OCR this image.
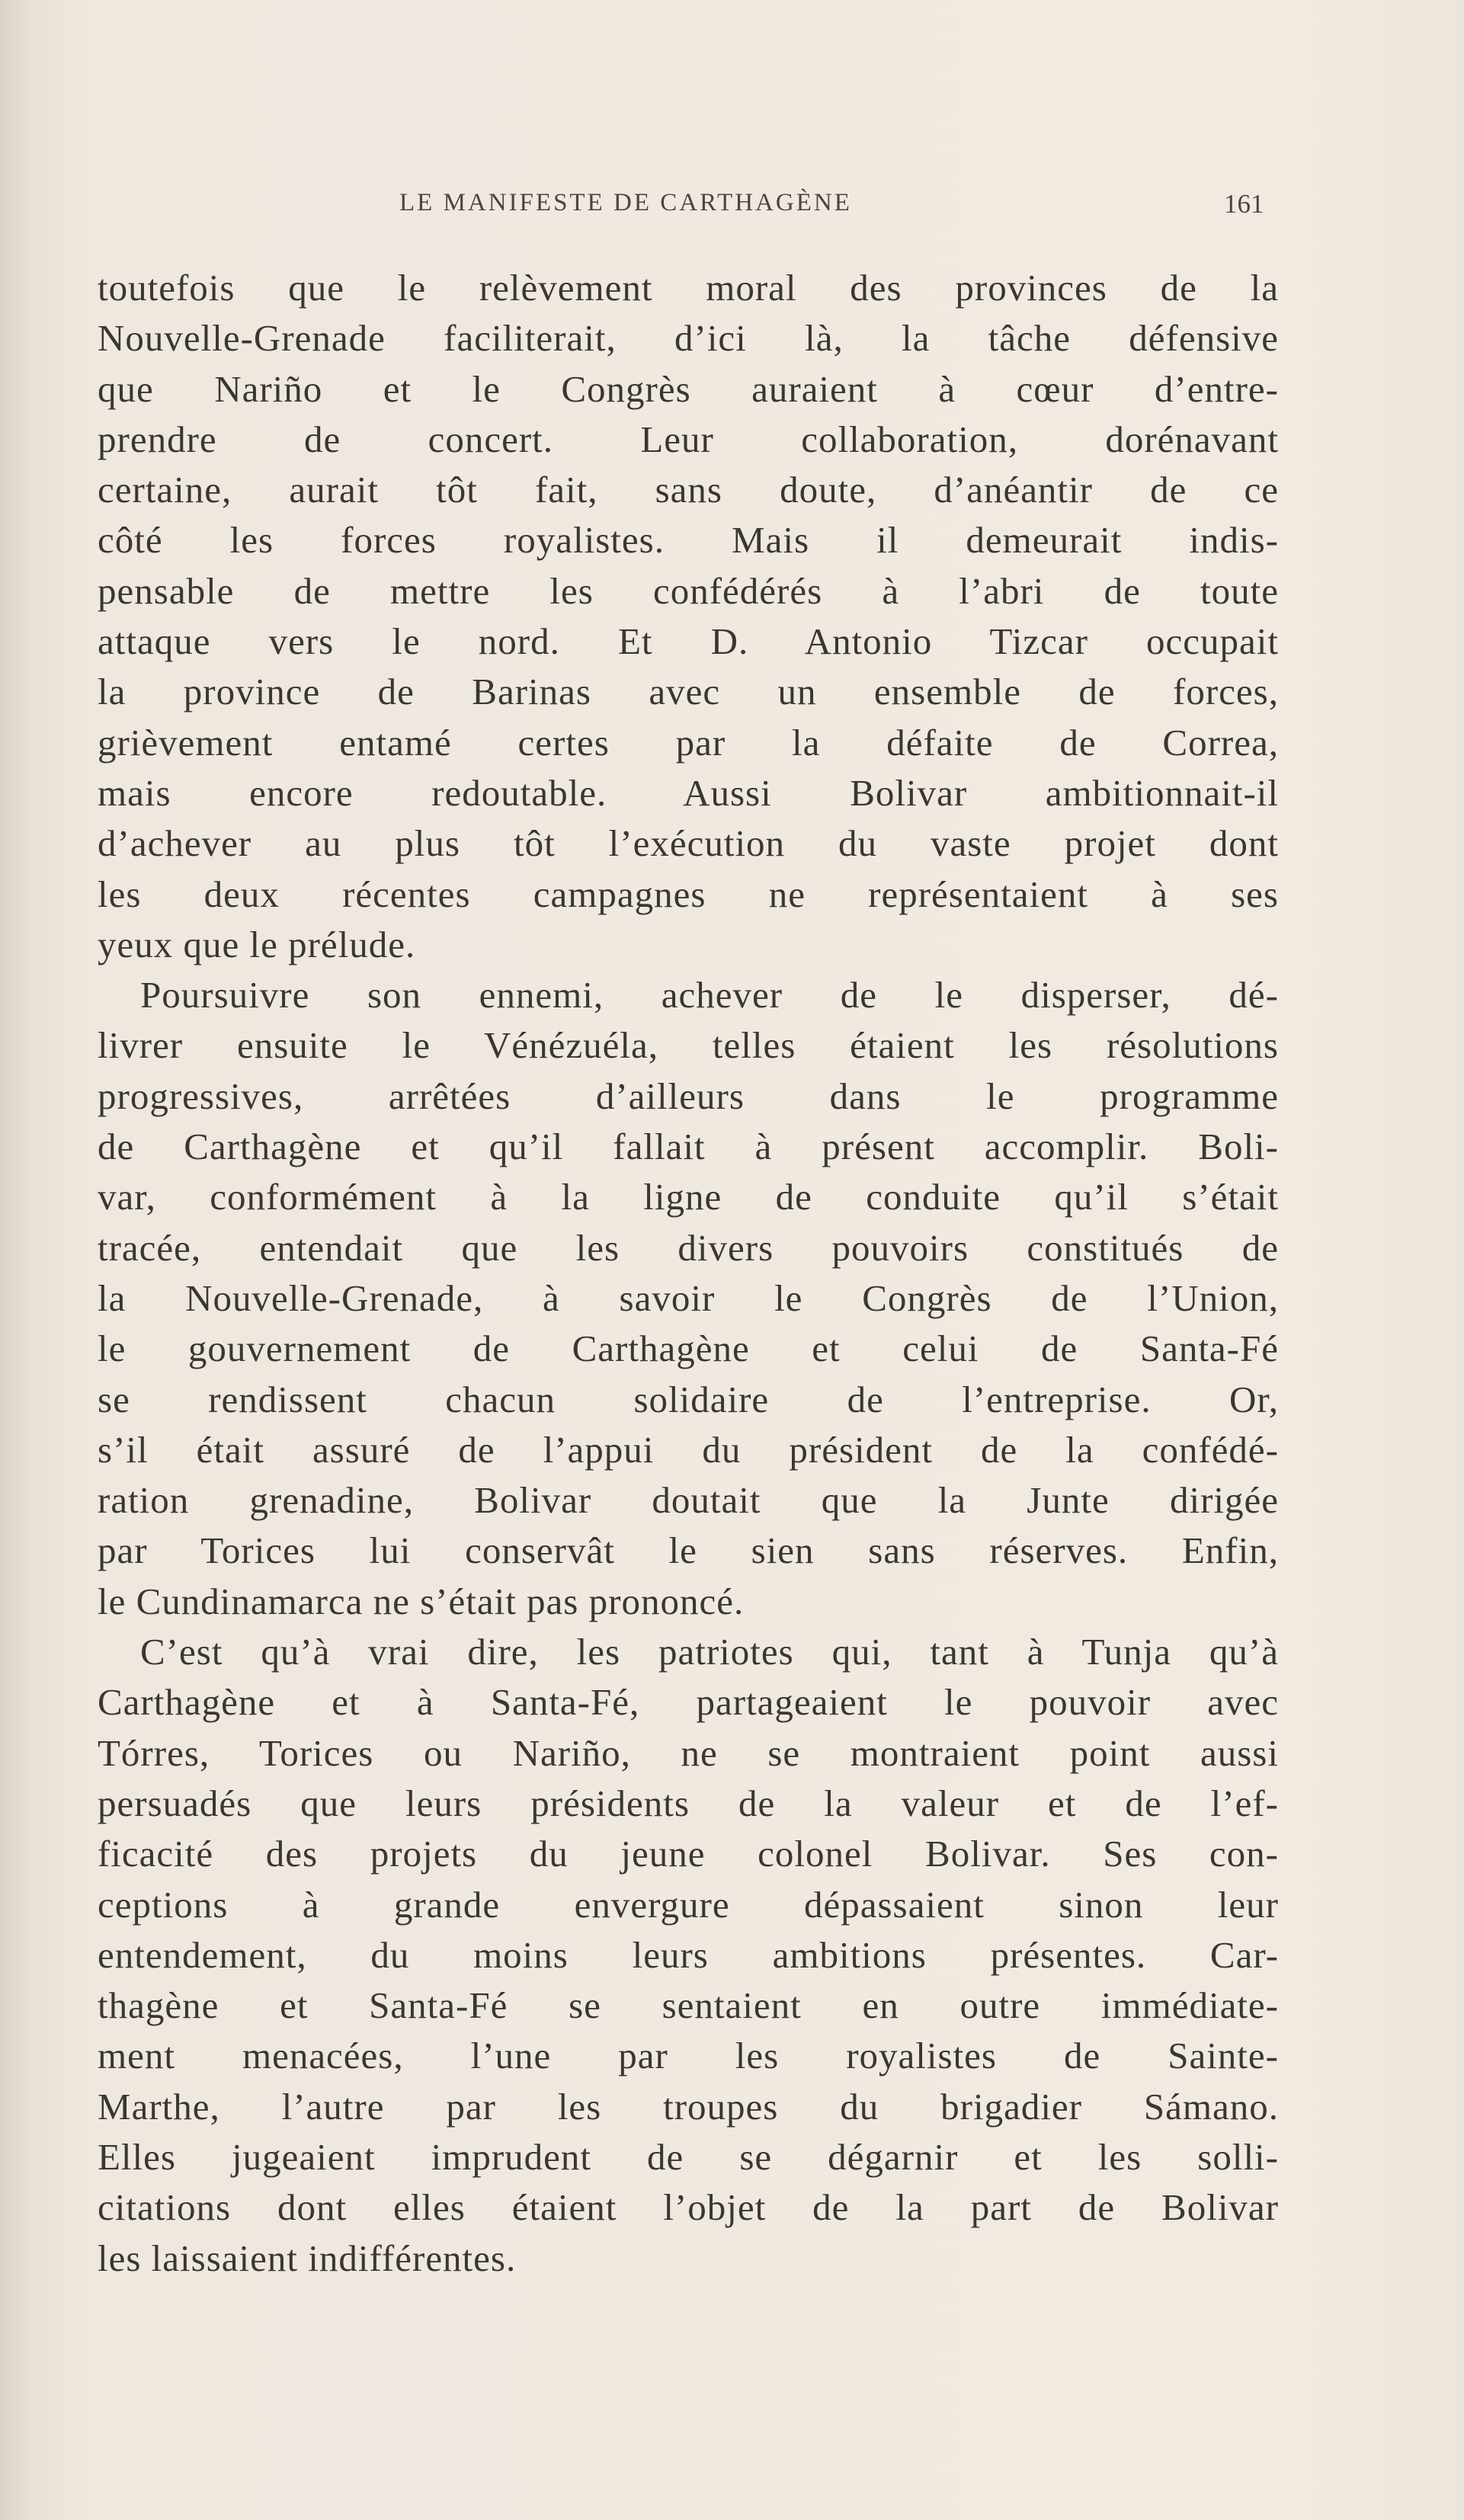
LE MANIFESTE DE CARTHAGÈNE	161
toutefois que le relèvement moral des provinces de la
Nouvelle-Grenade faciliterait, d’ici là, la tâche défensive
que Nariño et le Congrès auraient à cœur d’entre-
prendre de concert. Leur collaboration, dorénavant
certaine, aurait tôt fait, sans doute, d’anéantir de ce
côté les forces royalistes. Mais il demeurait indis-
pensable de mettre les confédérés à l’abri de toute
attaque vers le nord. Et D. Antonio Tizcar occupait
la province de Barinas avec un ensemble de forces,
grièvement entamé certes par la défaite de Correa,
mais encore redoutable. Aussi Bolivar ambitionnait-il
d’achever au plus tôt l’exécution du vaste projet dont
les deux récentes campagnes ne représentaient à ses
yeux que le prélude.
Poursuivre son ennemi, achever de le disperser, dé-
livrer ensuite le Vénézuéla, telles étaient les résolutions
progressives, arrêtées d’ailleurs dans le programme
de Carthagène et qu’il fallait à présent accomplir. Boli-
var, conformément à la ligne de conduite qu’il s’était
tracée, entendait que les divers pouvoirs constitués de
la Nouvelle-Grenade, à savoir le Congrès de l’Union,
le gouvernement de Carthagène et celui de Santa-Fé
se rendissent chacun solidaire de l’entreprise. Or,
s’il était assuré de l’appui du président de la confédé-
ration grenadine, Bolivar doutait que la Junte dirigée
par Torices lui conservât le sien sans réserves. Enfin,
le Cundinamarca ne s’était pas prononcé.
C’est qu’à vrai dire, les patriotes qui, tant à Tunja qu’à
Carthagène et à Santa-Fé, partageaient le pouvoir avec
Tórres, Torices ou Nariño, ne se montraient point aussi
persuadés que leurs présidents de la valeur et de l’ef-
ficacité des projets du jeune colonel Bolivar. Ses con-
ceptions à grande envergure dépassaient sinon leur
entendement, du moins leurs ambitions présentes. Car-
thagène et Santa-Fé se sentaient en outre immédiate-
ment menacées, l’une par les royalistes de Sainte-
Marthe, l’autre par les troupes du brigadier Sámano.
Elles jugeaient imprudent de se dégarnir et les solli-
citations dont elles étaient l’objet de la part de Bolivar
les laissaient indifférentes.
